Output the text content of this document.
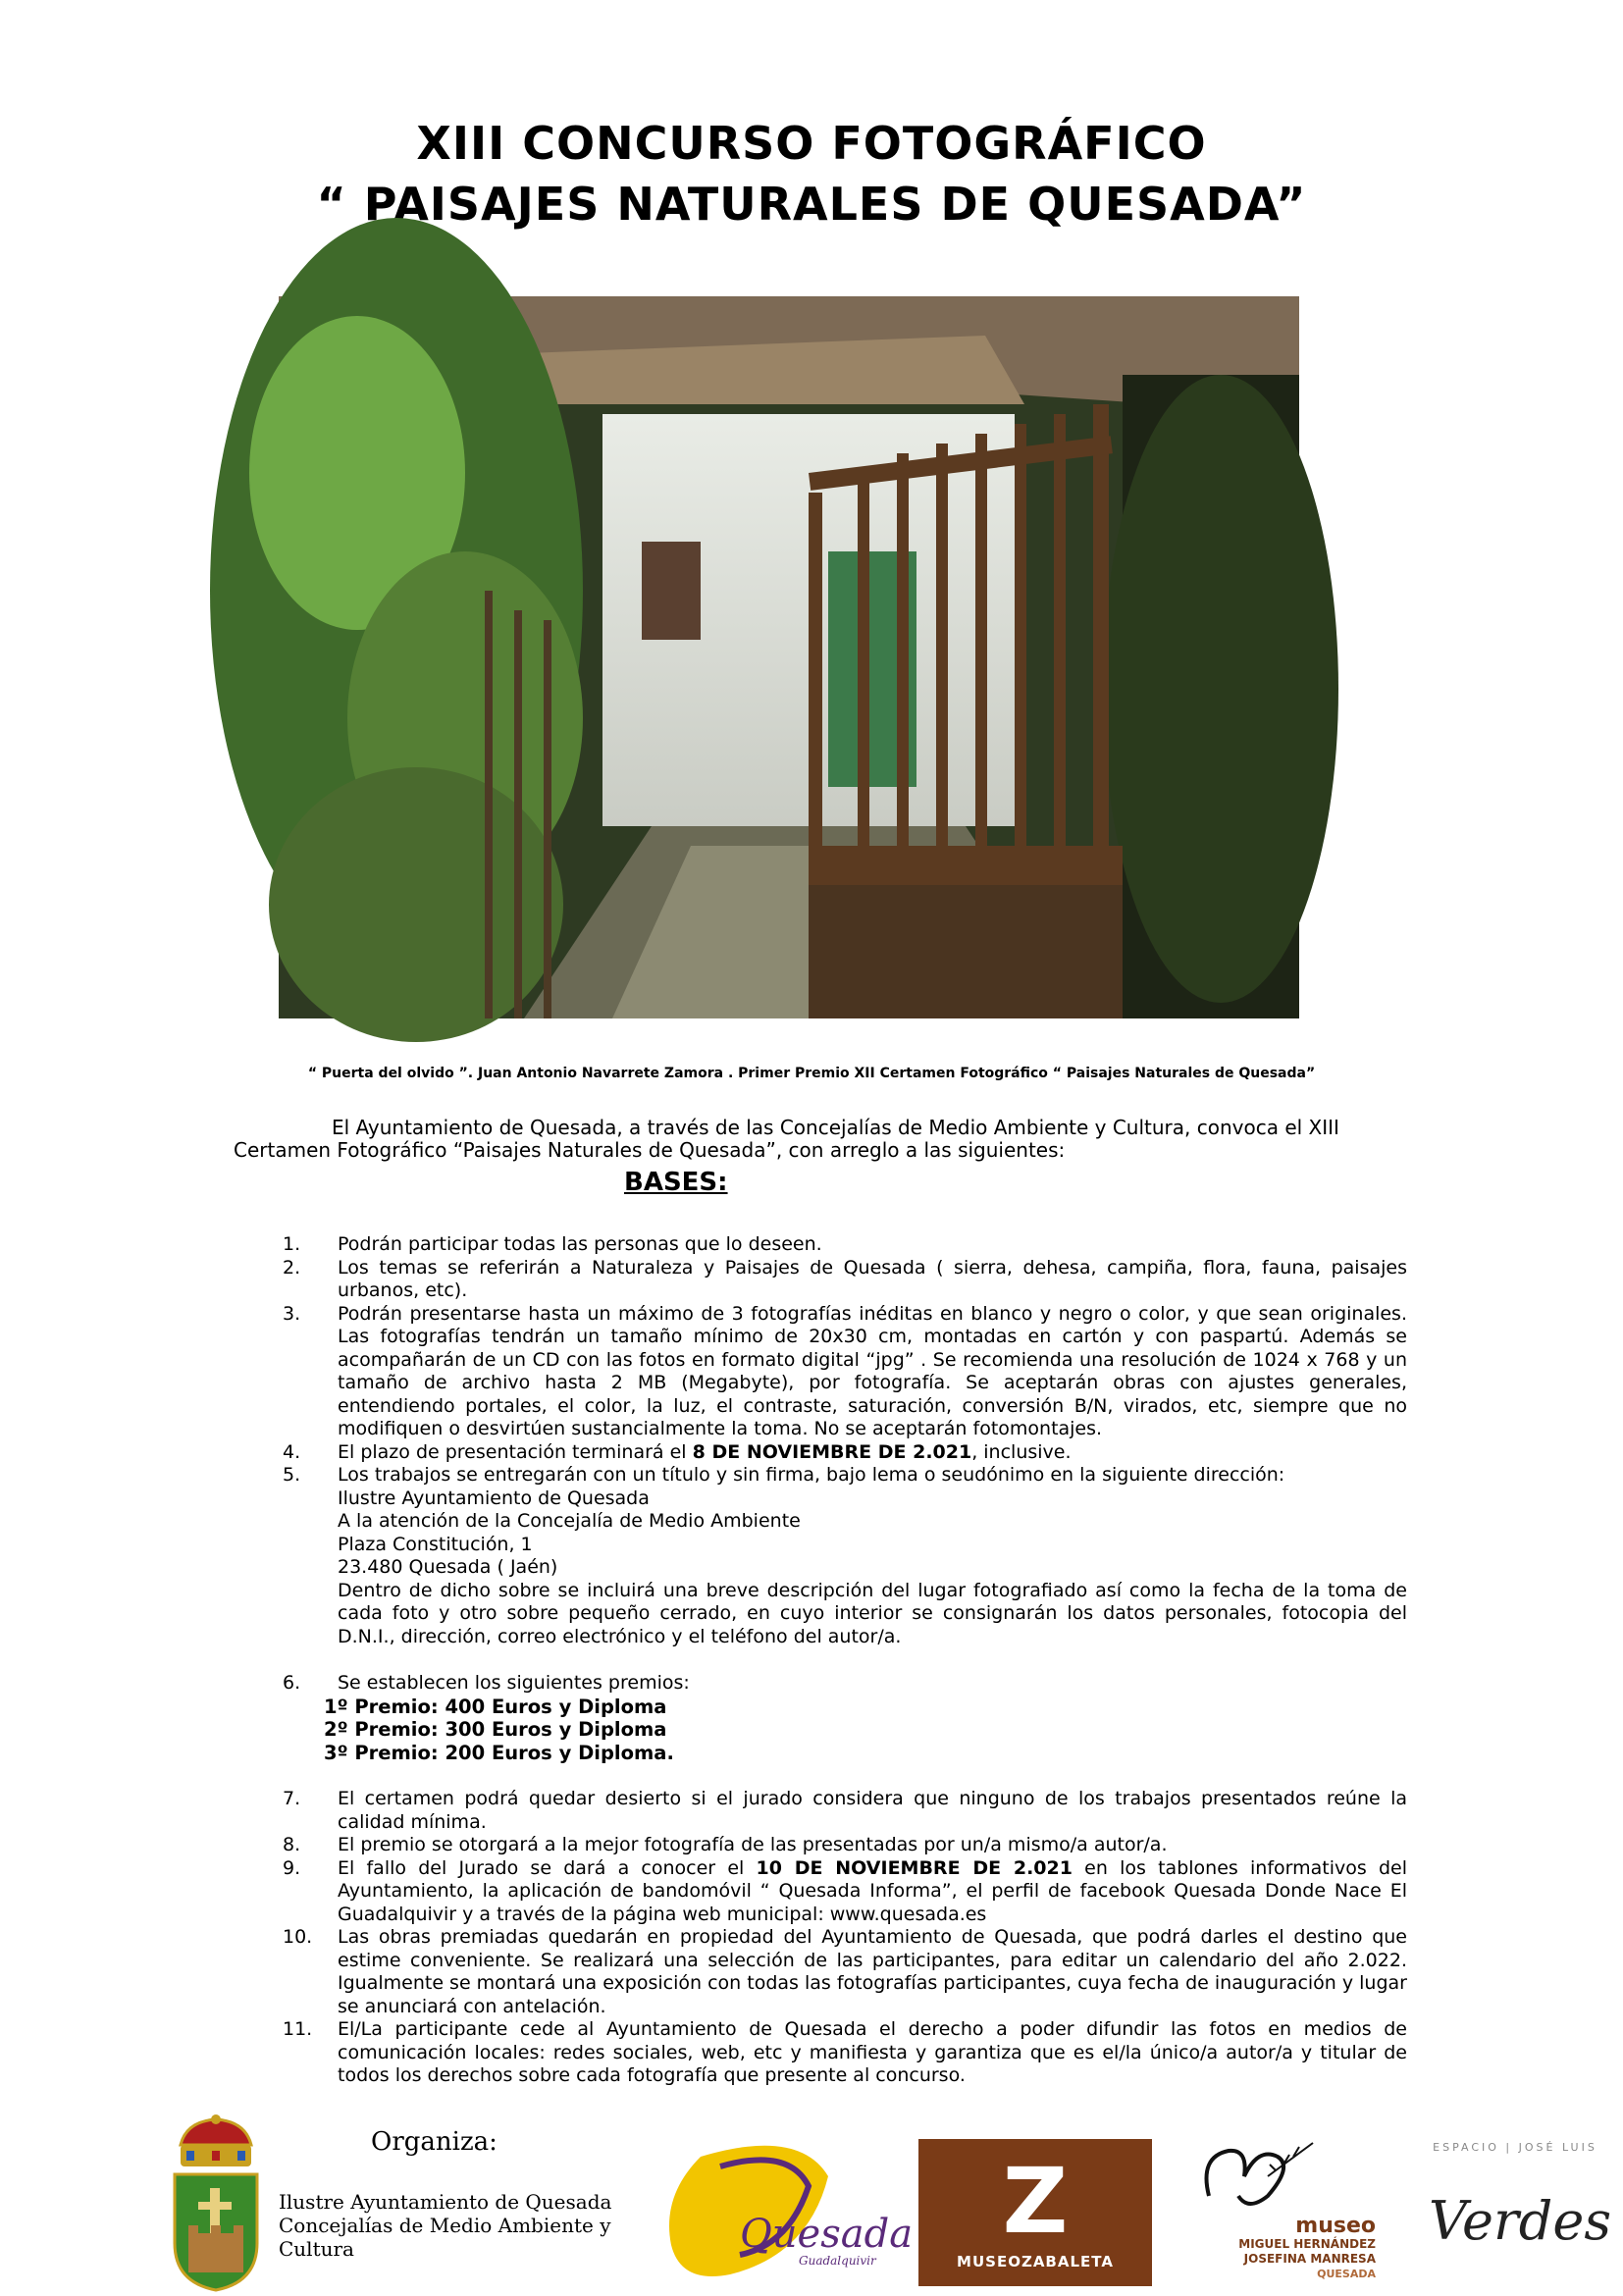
XIII CONCURSO FOTOGRÁFICO
“ PAISAJES NATURALES DE QUESADA”
“ Puerta del olvido ”. Juan Antonio Navarrete Zamora . Primer Premio XII Certamen Fotográfico “ Paisajes Naturales de Quesada”
El Ayuntamiento de Quesada, a través de las Concejalías de Medio Ambiente y Cultura, convoca el XIII
Certamen Fotográfico “Paisajes Naturales de Quesada”, con arreglo a las siguientes:
BASES:
1.	Podrán participar todas las personas que lo deseen.
2.	Los temas se referirán a Naturaleza y Paisajes de Quesada ( sierra, dehesa, campiña, flora, fauna, paisajes urbanos, etc).
3.	Podrán presentarse hasta un máximo de 3 fotografías inéditas en blanco y negro o color, y que sean originales. Las fotografías tendrán un tamaño mínimo de 20x30 cm, montadas en cartón y con paspartú. Además se acompañarán de un CD con las fotos en formato digital “jpg” . Se recomienda una resolución de 1024 x 768 y un tamaño de archivo hasta 2 MB (Megabyte), por fotografía. Se aceptarán obras con ajustes generales, entendiendo portales, el color, la luz, el contraste, saturación, conversión B/N, virados, etc, siempre que no modifiquen o desvirtúen sustancialmente la toma. No se aceptarán fotomontajes.
4.	El plazo de presentación terminará el 8 DE NOVIEMBRE DE 2.021, inclusive.
5.	Los trabajos se entregarán con un título y sin firma, bajo lema o seudónimo en la siguiente dirección:
Ilustre Ayuntamiento de Quesada
A la atención de la Concejalía de Medio Ambiente
Plaza Constitución, 1
23.480 Quesada ( Jaén)
Dentro de dicho sobre se incluirá una breve descripción del lugar fotografiado así como la fecha de la toma de cada foto y otro sobre pequeño cerrado, en cuyo interior se consignarán los datos personales, fotocopia del D.N.I., dirección, correo electrónico y el teléfono del autor/a.
6.	Se establecen los siguientes premios:
1º Premio: 400 Euros y Diploma
2º Premio: 300 Euros y Diploma
3º Premio: 200 Euros y Diploma.
7.	El certamen podrá quedar desierto si el jurado considera que ninguno de los trabajos presentados reúne la calidad mínima.
8.	El premio se otorgará a la mejor fotografía de las presentadas por un/a mismo/a autor/a.
9.	El fallo del Jurado se dará a conocer el 10 DE NOVIEMBRE DE 2.021 en los tablones informativos del Ayuntamiento, la aplicación de bandomóvil “ Quesada Informa”, el perfil de facebook Quesada Donde Nace El Guadalquivir y a través de la página web municipal: www.quesada.es
10.	Las obras premiadas quedarán en propiedad del Ayuntamiento de Quesada, que podrá darles el destino que estime conveniente. Se realizará una selección de las participantes, para editar un calendario del año 2.022. Igualmente se montará una exposición con todas las fotografías participantes, cuya fecha de inauguración y lugar se anunciará con antelación.
11.	El/La participante cede al Ayuntamiento de Quesada el derecho a poder difundir las fotos en medios de comunicación locales: redes sociales, web, etc y manifiesta y garantiza que es el/la único/a autor/a y titular de todos los derechos sobre cada fotografía que presente al concurso.
Organiza:
Ilustre Ayuntamiento de Quesada
Concejalías de Medio Ambiente y
Cultura	Quesada
Guadalquivir
Z
MUSEOZABALETA
museo
MIGUEL HERNÁNDEZ
JOSEFINA MANRESA
QUESADA
ESPACIO | JOSÉ LUIS
Verdes
